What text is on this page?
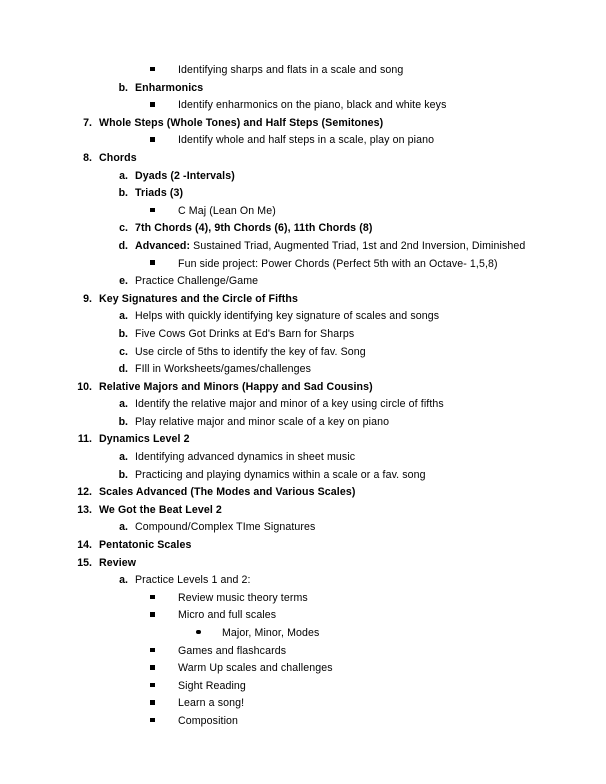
Identifying sharps and flats in a scale and song
b. Enharmonics
Identify enharmonics on the piano, black and white keys
7. Whole Steps (Whole Tones) and Half Steps (Semitones)
Identify whole and half steps in a scale, play on piano
8. Chords
a. Dyads (2 -Intervals)
b. Triads (3)
C Maj (Lean On Me)
c. 7th Chords (4), 9th Chords (6), 11th Chords (8)
d. Advanced: Sustained Triad, Augmented Triad, 1st and 2nd Inversion, Diminished
Fun side project: Power Chords (Perfect 5th with an Octave- 1,5,8)
e. Practice Challenge/Game
9. Key Signatures and the Circle of Fifths
a. Helps with quickly identifying key signature of scales and songs
b. Five Cows Got Drinks at Ed's Barn for Sharps
c. Use circle of 5ths to identify the key of fav. Song
d. FIll in Worksheets/games/challenges
10. Relative Majors and Minors (Happy and Sad Cousins)
a. Identify the relative major and minor of a key using circle of fifths
b. Play relative major and minor scale of a key on piano
11. Dynamics Level 2
a. Identifying advanced dynamics in sheet music
b. Practicing and playing dynamics within a scale or a fav. song
12. Scales Advanced (The Modes and Various Scales)
13. We Got the Beat Level 2
a. Compound/Complex TIme Signatures
14. Pentatonic Scales
15. Review
a. Practice Levels 1 and 2:
Review music theory terms
Micro and full scales
Major, Minor, Modes
Games and flashcards
Warm Up scales and challenges
Sight Reading
Learn a song!
Composition
